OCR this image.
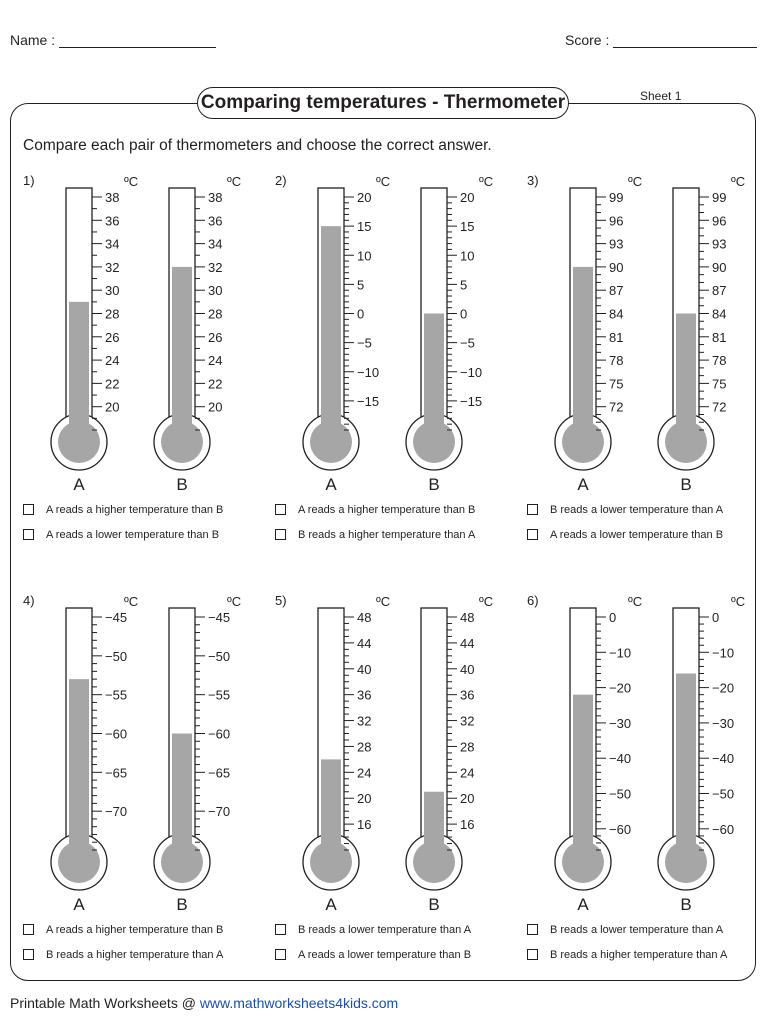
Name :	Score :
Comparing temperatures - Thermometer	Sheet 1
Compare each pair of thermometers and choose the correct answer.
1)
A reads a higher temperature than B
A reads a lower temperature than B
2)
A reads a higher temperature than B
B reads a higher temperature than A
3)
B reads a lower temperature than A
A reads a lower temperature than B
4)
A reads a higher temperature than B
B reads a higher temperature than A
5)
B reads a lower temperature than A
A reads a lower temperature than B
6)
B reads a lower temperature than A
B reads a higher temperature than A
38
36
34
32
30
28
26
24
22
20
ºC
A
38
36
34
32
30
28
26
24
22
20
ºC
B
20
15
10
5
0
−5
−10
−15
ºC
A
20
15
10
5
0
−5
−10
−15
ºC
B
99
96
93
90
87
84
81
78
75
72
ºC
A
99
96
93
90
87
84
81
78
75
72
ºC
B
−45
−50
−55
−60
−65
−70
ºC
A
−45
−50
−55
−60
−65
−70
ºC
B
48
44
40
36
32
28
24
20
16
ºC
A
48
44
40
36
32
28
24
20
16
ºC
B
0
−10
−20
−30
−40
−50
−60
ºC
A
0
−10
−20
−30
−40
−50
−60
ºC
B
Printable Math Worksheets @ www.mathworksheets4kids.com
